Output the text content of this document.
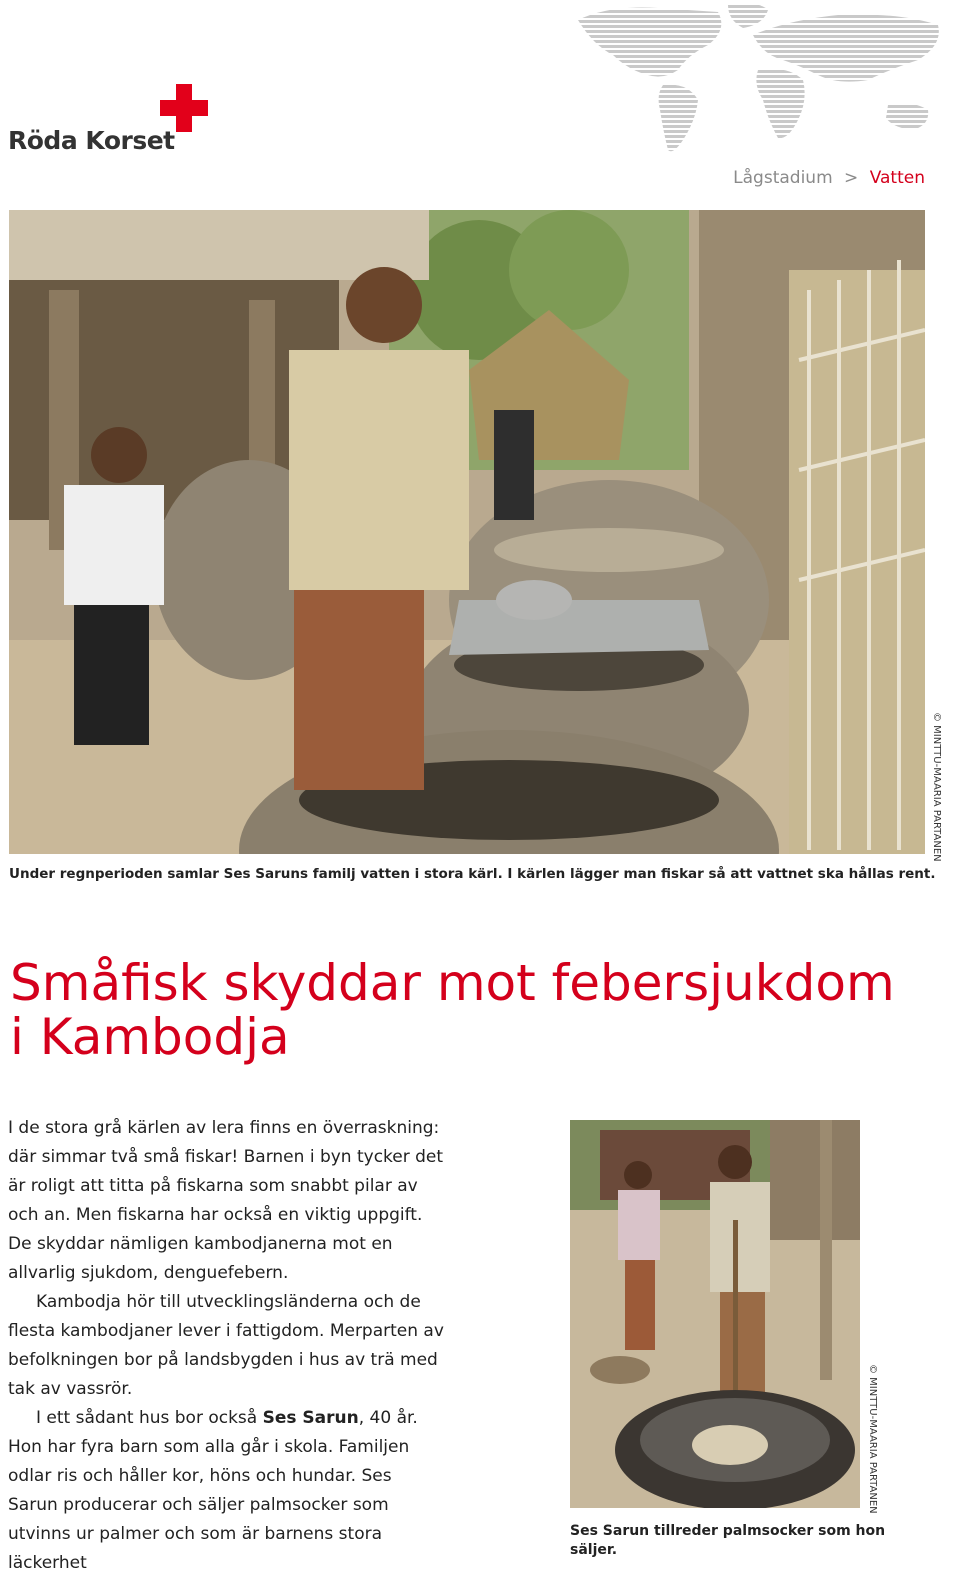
Röda Korset
Lågstadium > Vatten
© MINTTU-MAARIA PARTANEN
Under regnperioden samlar Ses Saruns familj vatten i stora kärl. I kärlen lägger man fiskar så att vattnet ska hållas rent.
Småfisk skyddar mot febersjukdom i Kambodja

I de stora grå kärlen av lera finns en överraskning: där simmar två små fiskar! Barnen i byn tycker det är roligt att titta på fiskarna som snabbt pilar av och an. Men fiskarna har också en viktig uppgift. De skyddar nämligen kambodjanerna mot en allvarlig sjukdom, denguefebern.

Kambodja hör till utvecklingsländerna och de flesta kambodjaner lever i fattigdom. Merparten av befolkningen bor på landsbygden i hus av trä med tak av vassrör.

I ett sådant hus bor också Ses Sarun, 40 år. Hon har fyra barn som alla går i skola. Familjen odlar ris och håller kor, höns och hundar. Ses Sarun producerar och säljer palmsocker som utvinns ur palmer och som är barnens stora läckerhet

© MINTTU-MAARIA PARTANEN
Ses Sarun tillreder palmsocker som hon säljer.
